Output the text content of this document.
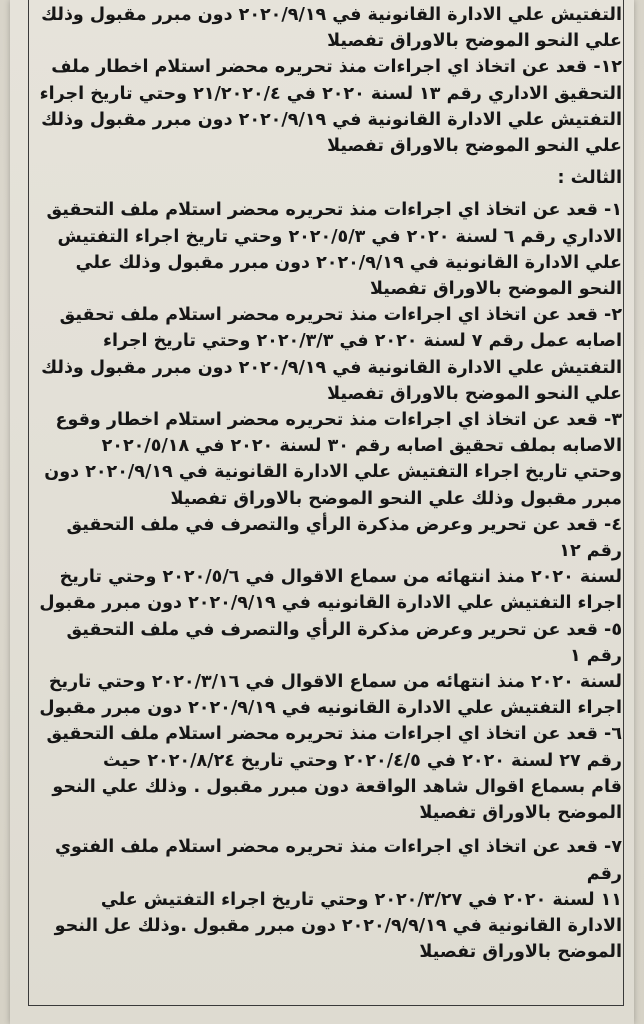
التفتيش علي الادارة القانونية في ٢٠٢٠/٩/١٩ دون مبرر مقبول وذلك

علي النحو الموضح بالاوراق تفصيلا

١٢- قعد عن اتخاذ اي اجراءات منذ تحريره محضر استلام اخطار ملف

التحقيق الاداري رقم ١٣ لسنة ٢٠٢٠ في ٢١/٢٠٢٠/٤ وحتي تاريخ اجراء

التفتيش علي الادارة القانونية في ٢٠٢٠/٩/١٩ دون مبرر مقبول وذلك

علي النحو الموضح بالاوراق تفصيلا

الثالث :

١- قعد عن اتخاذ اي اجراءات منذ تحريره محضر استلام ملف التحقيق

الاداري رقم ٦ لسنة ٢٠٢٠ في ٢٠٢٠/٥/٣ وحتي تاريخ اجراء التفتيش

علي الادارة القانونية في ٢٠٢٠/٩/١٩ دون مبرر مقبول وذلك علي

النحو الموضح بالاوراق تفصيلا

٢- قعد عن اتخاذ اي اجراءات منذ تحريره محضر استلام ملف تحقيق

اصابه عمل رقم ٧ لسنة ٢٠٢٠ في ٢٠٢٠/٣/٣ وحتي تاريخ اجراء

التفتيش علي الادارة القانونية في ٢٠٢٠/٩/١٩ دون مبرر مقبول وذلك

علي النحو الموضح بالاوراق تفصيلا

٣- قعد عن اتخاذ اي اجراءات منذ تحريره محضر استلام اخطار وقوع

الاصابه بملف تحقيق اصابه رقم ٣٠ لسنة ٢٠٢٠ في ٢٠٢٠/٥/١٨

وحتي تاريخ اجراء التفتيش علي الادارة القانونية في ٢٠٢٠/٩/١٩ دون

مبرر مقبول وذلك علي النحو الموضح بالاوراق تفصيلا

٤- قعد عن تحرير وعرض مذكرة الرأي والتصرف في ملف التحقيق رقم ١٢

لسنة ٢٠٢٠ منذ انتهائه من سماع الاقوال في ٢٠٢٠/٥/٦ وحتي تاريخ

اجراء التفتيش علي الادارة القانونيه في ٢٠٢٠/٩/١٩ دون مبرر مقبول

٥- قعد عن تحرير وعرض مذكرة الرأي والتصرف في ملف التحقيق رقم ١

لسنة ٢٠٢٠ منذ انتهائه من سماع الاقوال في ٢٠٢٠/٣/١٦ وحتي تاريخ

اجراء التفتيش علي الادارة القانونيه في ٢٠٢٠/٩/١٩ دون مبرر مقبول

٦- قعد عن اتخاذ اي اجراءات منذ تحريره محضر استلام ملف التحقيق

رقم ٢٧ لسنة ٢٠٢٠ في ٢٠٢٠/٤/٥ وحتي تاريخ ٢٠٢٠/٨/٢٤ حيث

قام بسماع اقوال شاهد الواقعة دون مبرر مقبول . وذلك علي النحو

الموضح بالاوراق تفصيلا

٧- قعد عن اتخاذ اي اجراءات منذ تحريره محضر استلام ملف الفتوي رقم

١١ لسنة ٢٠٢٠ في ٢٠٢٠/٣/٢٧ وحتي تاريخ اجراء التفتيش علي

الادارة القانونية في ٢٠٢٠/٩/٩/١٩ دون مبرر مقبول .وذلك عل النحو

الموضح بالاوراق تفصيلا
